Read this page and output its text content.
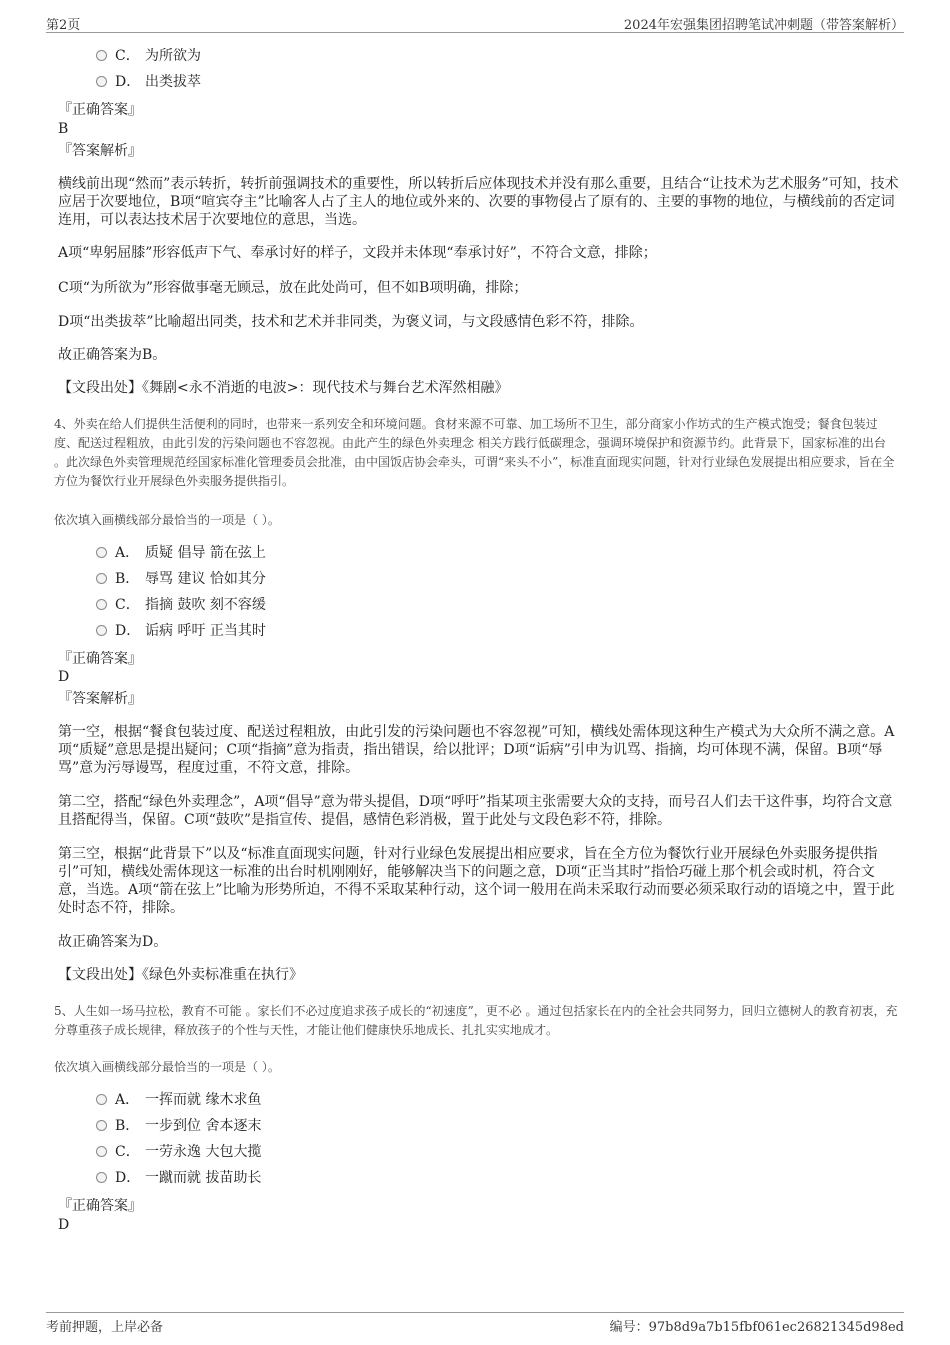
第2页	2024年宏强集团招聘笔试冲刺题（带答案解析）
C． 为所欲为
D． 出类拔萃
『正确答案』
B
『答案解析』
横线前出现“然而”表示转折，转折前强调技术的重要性，所以转折后应体现技术并没有那么重要，且结合“让技术为艺术服务”可知，技术应居于次要地位，B项“喧宾夺主”比喻客人占了主人的地位或外来的、次要的事物侵占了原有的、主要的事物的地位，与横线前的否定词连用，可以表达技术居于次要地位的意思，当选。
A项“卑躬屈膝”形容低声下气、奉承讨好的样子，文段并未体现“奉承讨好”，不符合文意，排除；
C项“为所欲为”形容做事毫无顾忌，放在此处尚可，但不如B项明确，排除；
D项“出类拔萃”比喻超出同类，技术和艺术并非同类，为褒义词，与文段感情色彩不符，排除。
故正确答案为B。
【文段出处】《舞剧<永不消逝的电波>：现代技术与舞台艺术浑然相融》
4、外卖在给人们提供生活便利的同时，也带来一系列安全和环境问题。食材来源不可靠、加工场所不卫生，部分商家小作坊式的生产模式饱受；餐食包装过度、配送过程粗放，由此引发的污染问题也不容忽视。由此产生的绿色外卖理念 相关方践行低碳理念，强调环境保护和资源节约。此背景下，国家标准的出台 。此次绿色外卖管理规范经国家标准化管理委员会批准，由中国饭店协会牵头，可谓“来头不小”，标准直面现实问题，针对行业绿色发展提出相应要求，旨在全方位为餐饮行业开展绿色外卖服务提供指引。
依次填入画横线部分最恰当的一项是（ ）。
A． 质疑 倡导 箭在弦上
B． 辱骂 建议 恰如其分
C． 指摘 鼓吹 刻不容缓
D． 诟病 呼吁 正当其时
『正确答案』
D
『答案解析』
第一空，根据“餐食包装过度、配送过程粗放，由此引发的污染问题也不容忽视”可知，横线处需体现这种生产模式为大众所不满之意。A项“质疑”意思是提出疑问；C项“指摘”意为指责，指出错误，给以批评；D项“诟病”引申为讥骂、指摘，均可体现不满，保留。B项“辱骂”意为污辱谩骂，程度过重，不符文意，排除。
第二空，搭配“绿色外卖理念”，A项“倡导”意为带头提倡，D项“呼吁”指某项主张需要大众的支持，而号召人们去干这件事，均符合文意且搭配得当，保留。C项“鼓吹”是指宣传、提倡，感情色彩消极，置于此处与文段色彩不符，排除。
第三空，根据“此背景下”以及“标准直面现实问题，针对行业绿色发展提出相应要求，旨在全方位为餐饮行业开展绿色外卖服务提供指引”可知，横线处需体现这一标准的出台时机刚刚好，能够解决当下的问题之意，D项“正当其时”指恰巧碰上那个机会或时机，符合文意，当选。A项“箭在弦上”比喻为形势所迫，不得不采取某种行动，这个词一般用在尚未采取行动而要必须采取行动的语境之中，置于此处时态不符，排除。
故正确答案为D。
【文段出处】《绿色外卖标准重在执行》
5、人生如一场马拉松，教育不可能 。家长们不必过度追求孩子成长的“初速度”，更不必 。通过包括家长在内的全社会共同努力，回归立德树人的教育初衷，充分尊重孩子成长规律，释放孩子的个性与天性，才能让他们健康快乐地成长、扎扎实实地成才。
依次填入画横线部分最恰当的一项是（ ）。
A． 一挥而就 缘木求鱼
B． 一步到位 舍本逐末
C． 一劳永逸 大包大揽
D． 一蹴而就 拔苗助长
『正确答案』
D
考前押题，上岸必备	编号：97b8d9a7b15fbf061ec26821345d98ed
